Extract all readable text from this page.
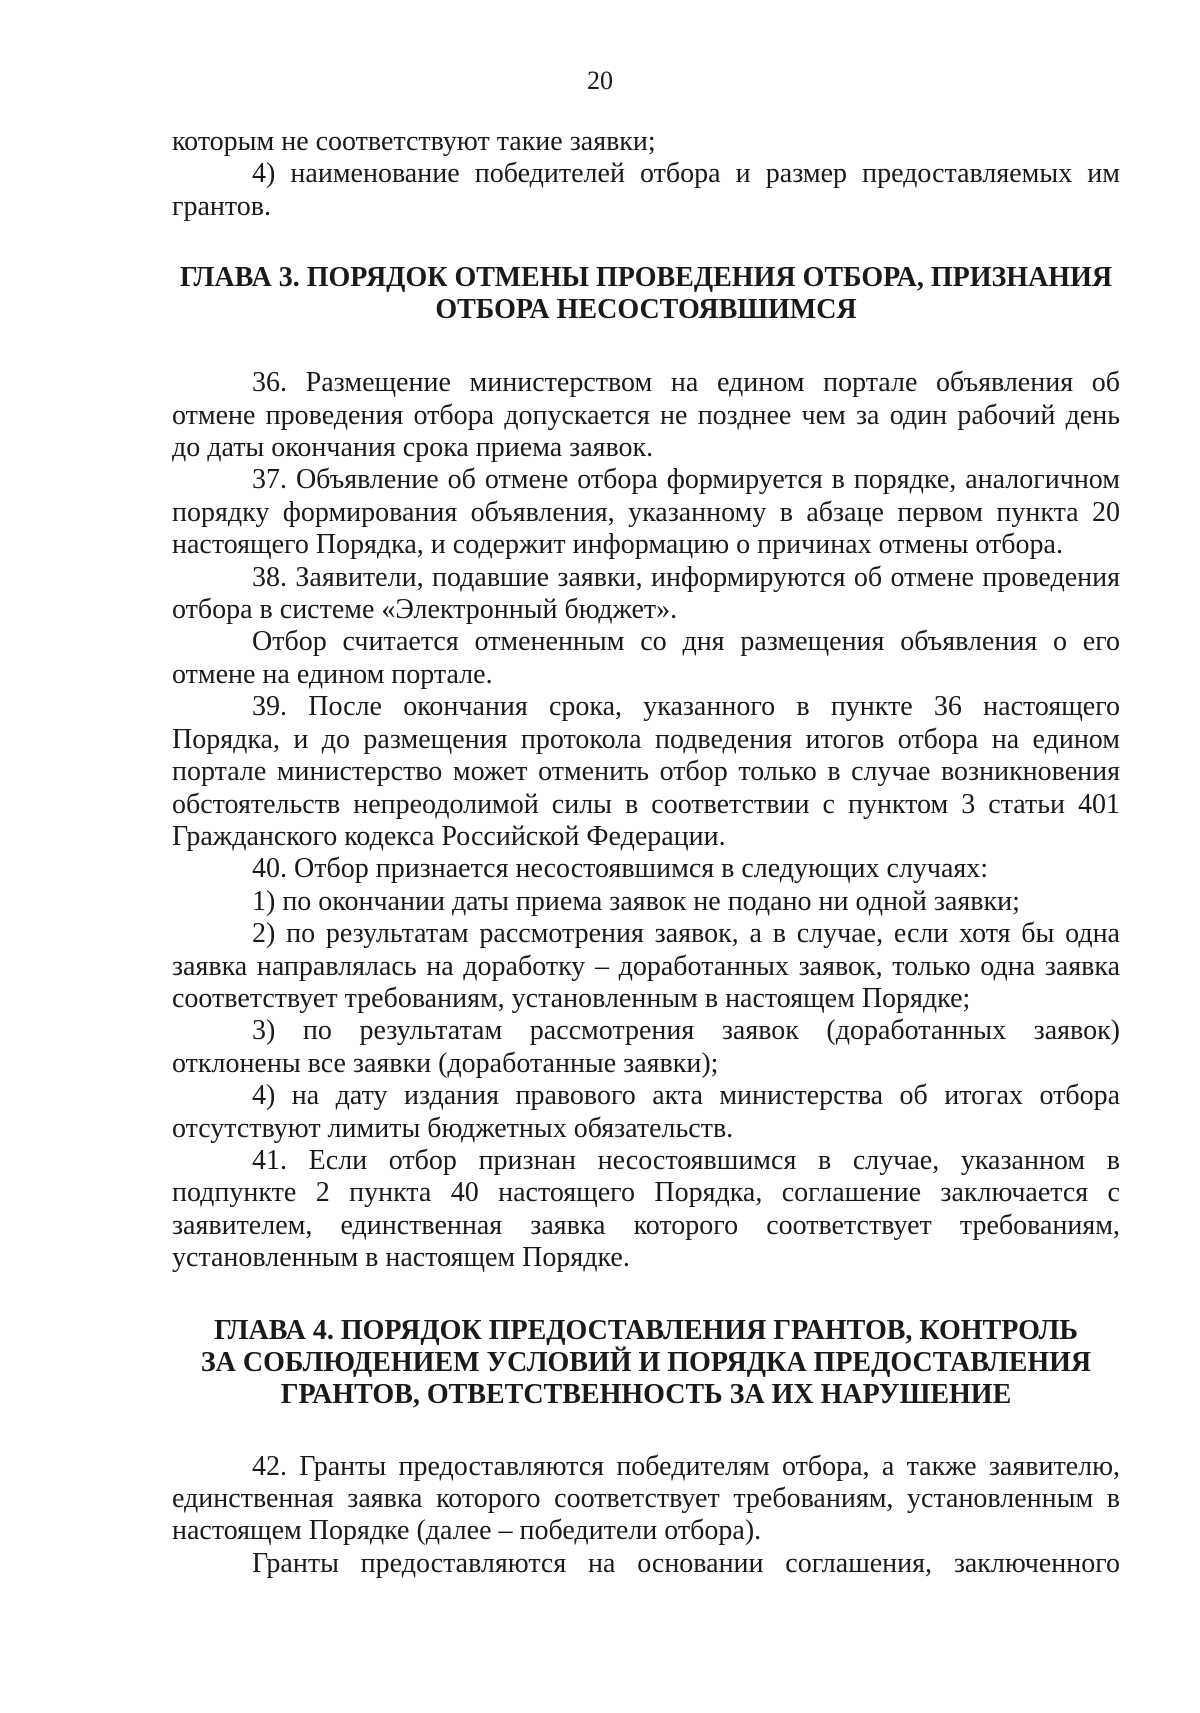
20

которым не соответствуют такие заявки;

4) наименование победителей отбора и размер предоставляемых им грантов.

ГЛАВА 3. ПОРЯДОК ОТМЕНЫ ПРОВЕДЕНИЯ ОТБОРА, ПРИЗНАНИЯ
ОТБОРА НЕСОСТОЯВШИМСЯ

36. Размещение министерством на едином портале объявления об отмене проведения отбора допускается не позднее чем за один рабочий день до даты окончания срока приема заявок.

37. Объявление об отмене отбора формируется в порядке, аналогичном порядку формирования объявления, указанному в абзаце первом пункта 20 настоящего Порядка, и содержит информацию о причинах отмены отбора.

38. Заявители, подавшие заявки, информируются об отмене проведения отбора в системе «Электронный бюджет».

Отбор считается отмененным со дня размещения объявления о его отмене на едином портале.

39. После окончания срока, указанного в пункте 36 настоящего Порядка, и до размещения протокола подведения итогов отбора на едином портале министерство может отменить отбор только в случае возникновения обстоятельств непреодолимой силы в соответствии с пунктом 3 статьи 401 Гражданского кодекса Российской Федерации.

40. Отбор признается несостоявшимся в следующих случаях:

1) по окончании даты приема заявок не подано ни одной заявки;

2) по результатам рассмотрения заявок, а в случае, если хотя бы одна заявка направлялась на доработку – доработанных заявок, только одна заявка соответствует требованиям, установленным в настоящем Порядке;

3) по результатам рассмотрения заявок (доработанных заявок) отклонены все заявки (доработанные заявки);

4) на дату издания правового акта министерства об итогах отбора отсутствуют лимиты бюджетных обязательств.

41. Если отбор признан несостоявшимся в случае, указанном в подпункте 2 пункта 40 настоящего Порядка, соглашение заключается с заявителем, единственная заявка которого соответствует требованиям, установленным в настоящем Порядке.

ГЛАВА 4. ПОРЯДОК ПРЕДОСТАВЛЕНИЯ ГРАНТОВ, КОНТРОЛЬ
ЗА СОБЛЮДЕНИЕМ УСЛОВИЙ И ПОРЯДКА ПРЕДОСТАВЛЕНИЯ
ГРАНТОВ, ОТВЕТСТВЕННОСТЬ ЗА ИХ НАРУШЕНИЕ

42. Гранты предоставляются победителям отбора, а также заявителю, единственная заявка которого соответствует требованиям, установленным в настоящем Порядке (далее – победители отбора).

Гранты предоставляются на основании соглашения, заключенного
